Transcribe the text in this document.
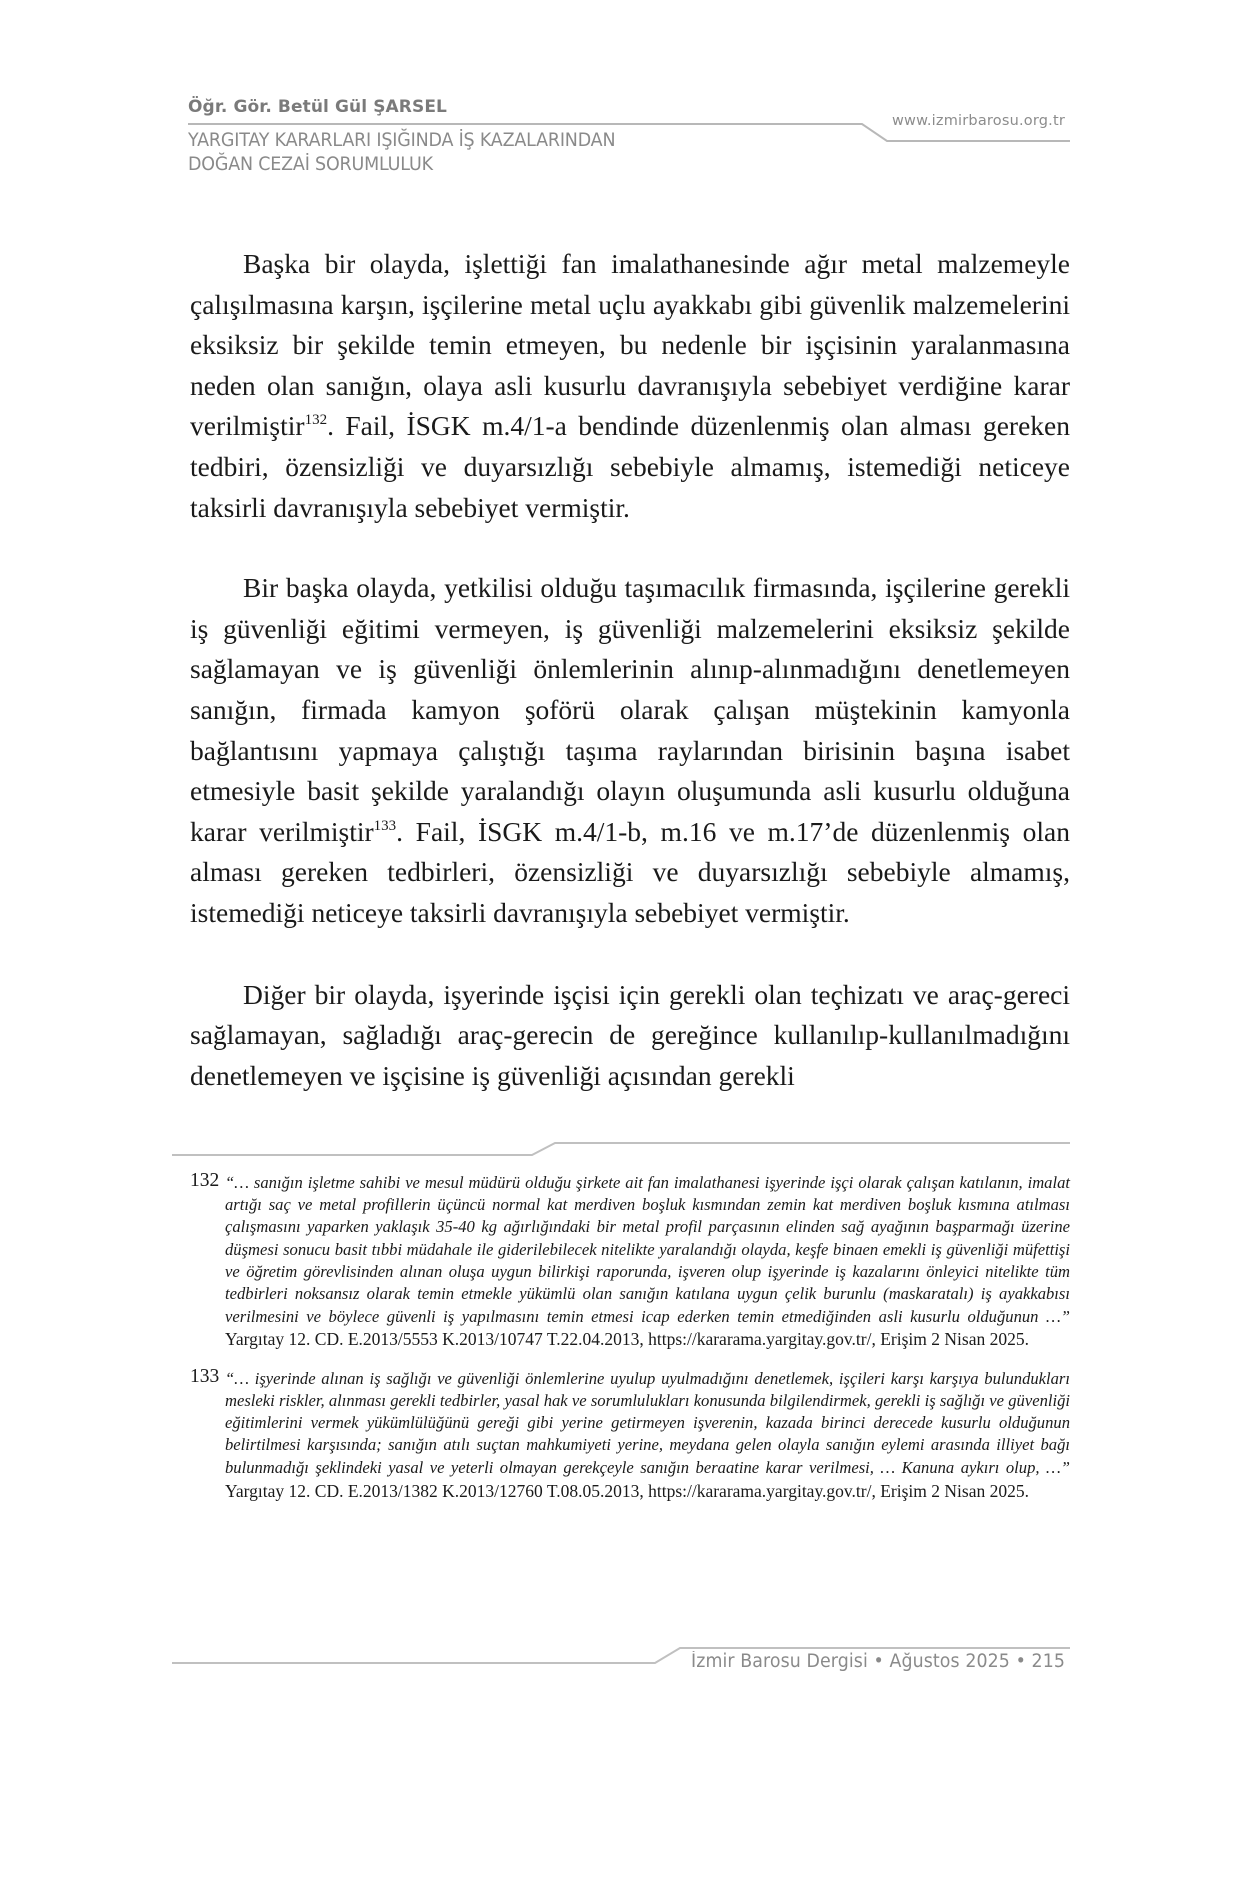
Öğr. Gör. Betül Gül ŞARSEL
YARGITAY KARARLARI IŞIĞINDA İŞ KAZALARINDAN
DOĞAN CEZAİ SORUMLULUK
www.izmirbarosu.org.tr

Başka bir olayda, işlettiği fan imalathanesinde ağır metal malzemeyle çalışılmasına karşın, işçilerine metal uçlu ayakkabı gibi güvenlik malzemelerini eksiksiz bir şekilde temin etmeyen, bu nedenle bir işçisinin yaralanmasına neden olan sanığın, olaya asli kusurlu davranışıyla sebebiyet verdiğine karar verilmiştir$^{132}$. Fail, İSGK m.4/1-a bendinde düzenlenmiş olan alması gereken tedbiri, özensizliği ve duyarsızlığı sebebiyle almamış, istemediği neticeye taksirli davranışıyla sebebiyet vermiştir.

Bir başka olayda, yetkilisi olduğu taşımacılık firmasında, işçilerine gerekli iş güvenliği eğitimi vermeyen, iş güvenliği malzemelerini eksiksiz şekilde sağlamayan ve iş güvenliği önlemlerinin alınıp-alınmadığını denetlemeyen sanığın, firmada kamyon şoförü olarak çalışan müştekinin kamyonla bağlantısını yapmaya çalıştığı taşıma raylarından birisinin başına isabet etmesiyle basit şekilde yaralandığı olayın oluşumunda asli kusurlu olduğuna karar verilmiştir$^{133}$. Fail, İSGK m.4/1-b, m.16 ve m.17’de düzenlenmiş olan alması gereken tedbirleri, özensizliği ve duyarsızlığı sebebiyle almamış, istemediği neticeye taksirli davranışıyla sebebiyet vermiştir.

Diğer bir olayda, işyerinde işçisi için gerekli olan teçhizatı ve araç-gereci sağlamayan, sağladığı araç-gerecin de gereğince kullanılıp-kullanılmadığını denetlemeyen ve işçisine iş güvenliği açısından gerekli

132 “… sanığın işletme sahibi ve mesul müdürü olduğu şirkete ait fan imalathanesi işyerinde işçi olarak çalışan katılanın, imalat artığı saç ve metal profillerin üçüncü normal kat merdiven boşluk kısmından zemin kat merdiven boşluk kısmına atılması çalışmasını yaparken yaklaşık 35-40 kg ağırlığındaki bir metal profil parçasının elinden sağ ayağının başparmağı üzerine düşmesi sonucu basit tıbbi müdahale ile giderilebilecek nitelikte yaralandığı olayda, keşfe binaen emekli iş güvenliği müfettişi ve öğretim görevlisinden alınan oluşa uygun bilirkişi raporunda, işveren olup işyerinde iş kazalarını önleyici nitelikte tüm tedbirleri noksansız olarak temin etmekle yükümlü olan sanığın katılana uygun çelik burunlu (maskaratalı) iş ayakkabısı verilmesini ve böylece güvenli iş yapılmasını temin etmesi icap ederken temin etmediğinden asli kusurlu olduğunun …” Yargıtay 12. CD. E.2013/5553 K.2013/10747 T.22.04.2013, https://kararama.yargitay.gov.tr/, Erişim 2 Nisan 2025.
133 “… işyerinde alınan iş sağlığı ve güvenliği önlemlerine uyulup uyulmadığını denetlemek, işçileri karşı karşıya bulundukları mesleki riskler, alınması gerekli tedbirler, yasal hak ve sorumlulukları konusunda bilgilendirmek, gerekli iş sağlığı ve güvenliği eğitimlerini vermek yükümlülüğünü gereği gibi yerine getirmeyen işverenin, kazada birinci derecede kusurlu olduğunun belirtilmesi karşısında; sanığın atılı suçtan mahkumiyeti yerine, meydana gelen olayla sanığın eylemi arasında illiyet bağı bulunmadığı şeklindeki yasal ve yeterli olmayan gerekçeyle sanığın beraatine karar verilmesi, … Kanuna aykırı olup, …” Yargıtay 12. CD. E.2013/1382 K.2013/12760 T.08.05.2013, https://kararama.yargitay.gov.tr/, Erişim 2 Nisan 2025.
İzmir Barosu Dergisi • Ağustos 2025 • 215
